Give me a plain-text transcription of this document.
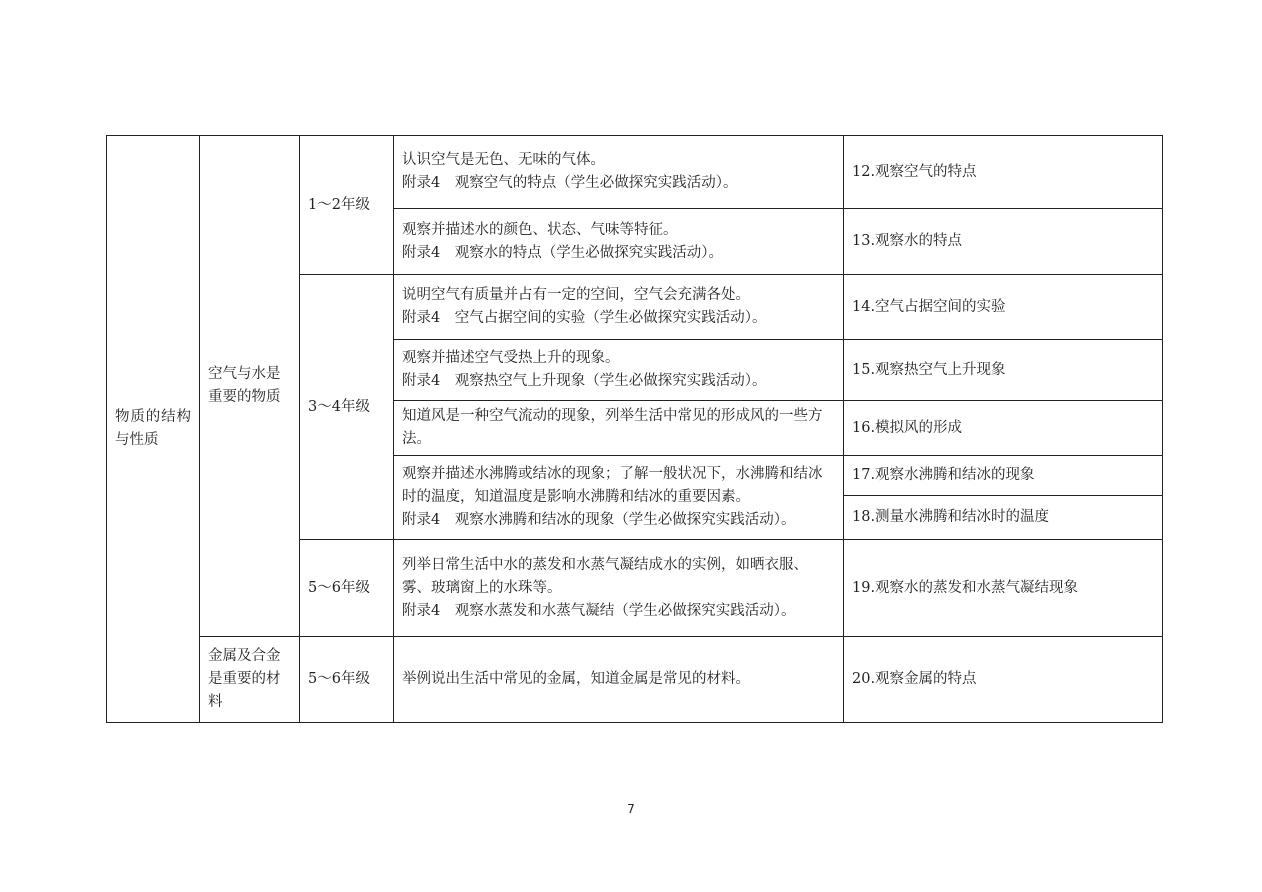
物质的结构与性质	空气与水是重要的物质	1～2年级	认识空气是无色、无味的气体。
附录4　观察空气的特点（学生必做探究实践活动）。	12.观察空气的特点

			观察并描述水的颜色、状态、气味等特征。
附录4　观察水的特点（学生必做探究实践活动）。	13.观察水的特点
		3～4年级	说明空气有质量并占有一定的空间，空气会充满各处。
附录4　空气占据空间的实验（学生必做探究实践活动）。	14.空气占据空间的实验

			观察并描述空气受热上升的现象。
附录4　观察热空气上升现象（学生必做探究实践活动）。	15.观察热空气上升现象

			知道风是一种空气流动的现象，列举生活中常见的形成风的一些方法。	16.模拟风的形成

			观察并描述水沸腾或结冰的现象；了解一般状况下，水沸腾和结冰时的温度，知道温度是影响水沸腾和结冰的重要因素。
附录4　观察水沸腾和结冰的现象（学生必做探究实践活动）。	17.观察水沸腾和结冰的现象
				18.测量水沸腾和结冰时的温度
		5～6年级	列举日常生活中水的蒸发和水蒸气凝结成水的实例，如晒衣服、雾、玻璃窗上的水珠等。
附录4　观察水蒸发和水蒸气凝结（学生必做探究实践活动）。	19.观察水的蒸发和水蒸气凝结现象
	金属及合金是重要的材料	5～6年级	举例说出生活中常见的金属，知道金属是常见的材料。	20.观察金属的特点
7
